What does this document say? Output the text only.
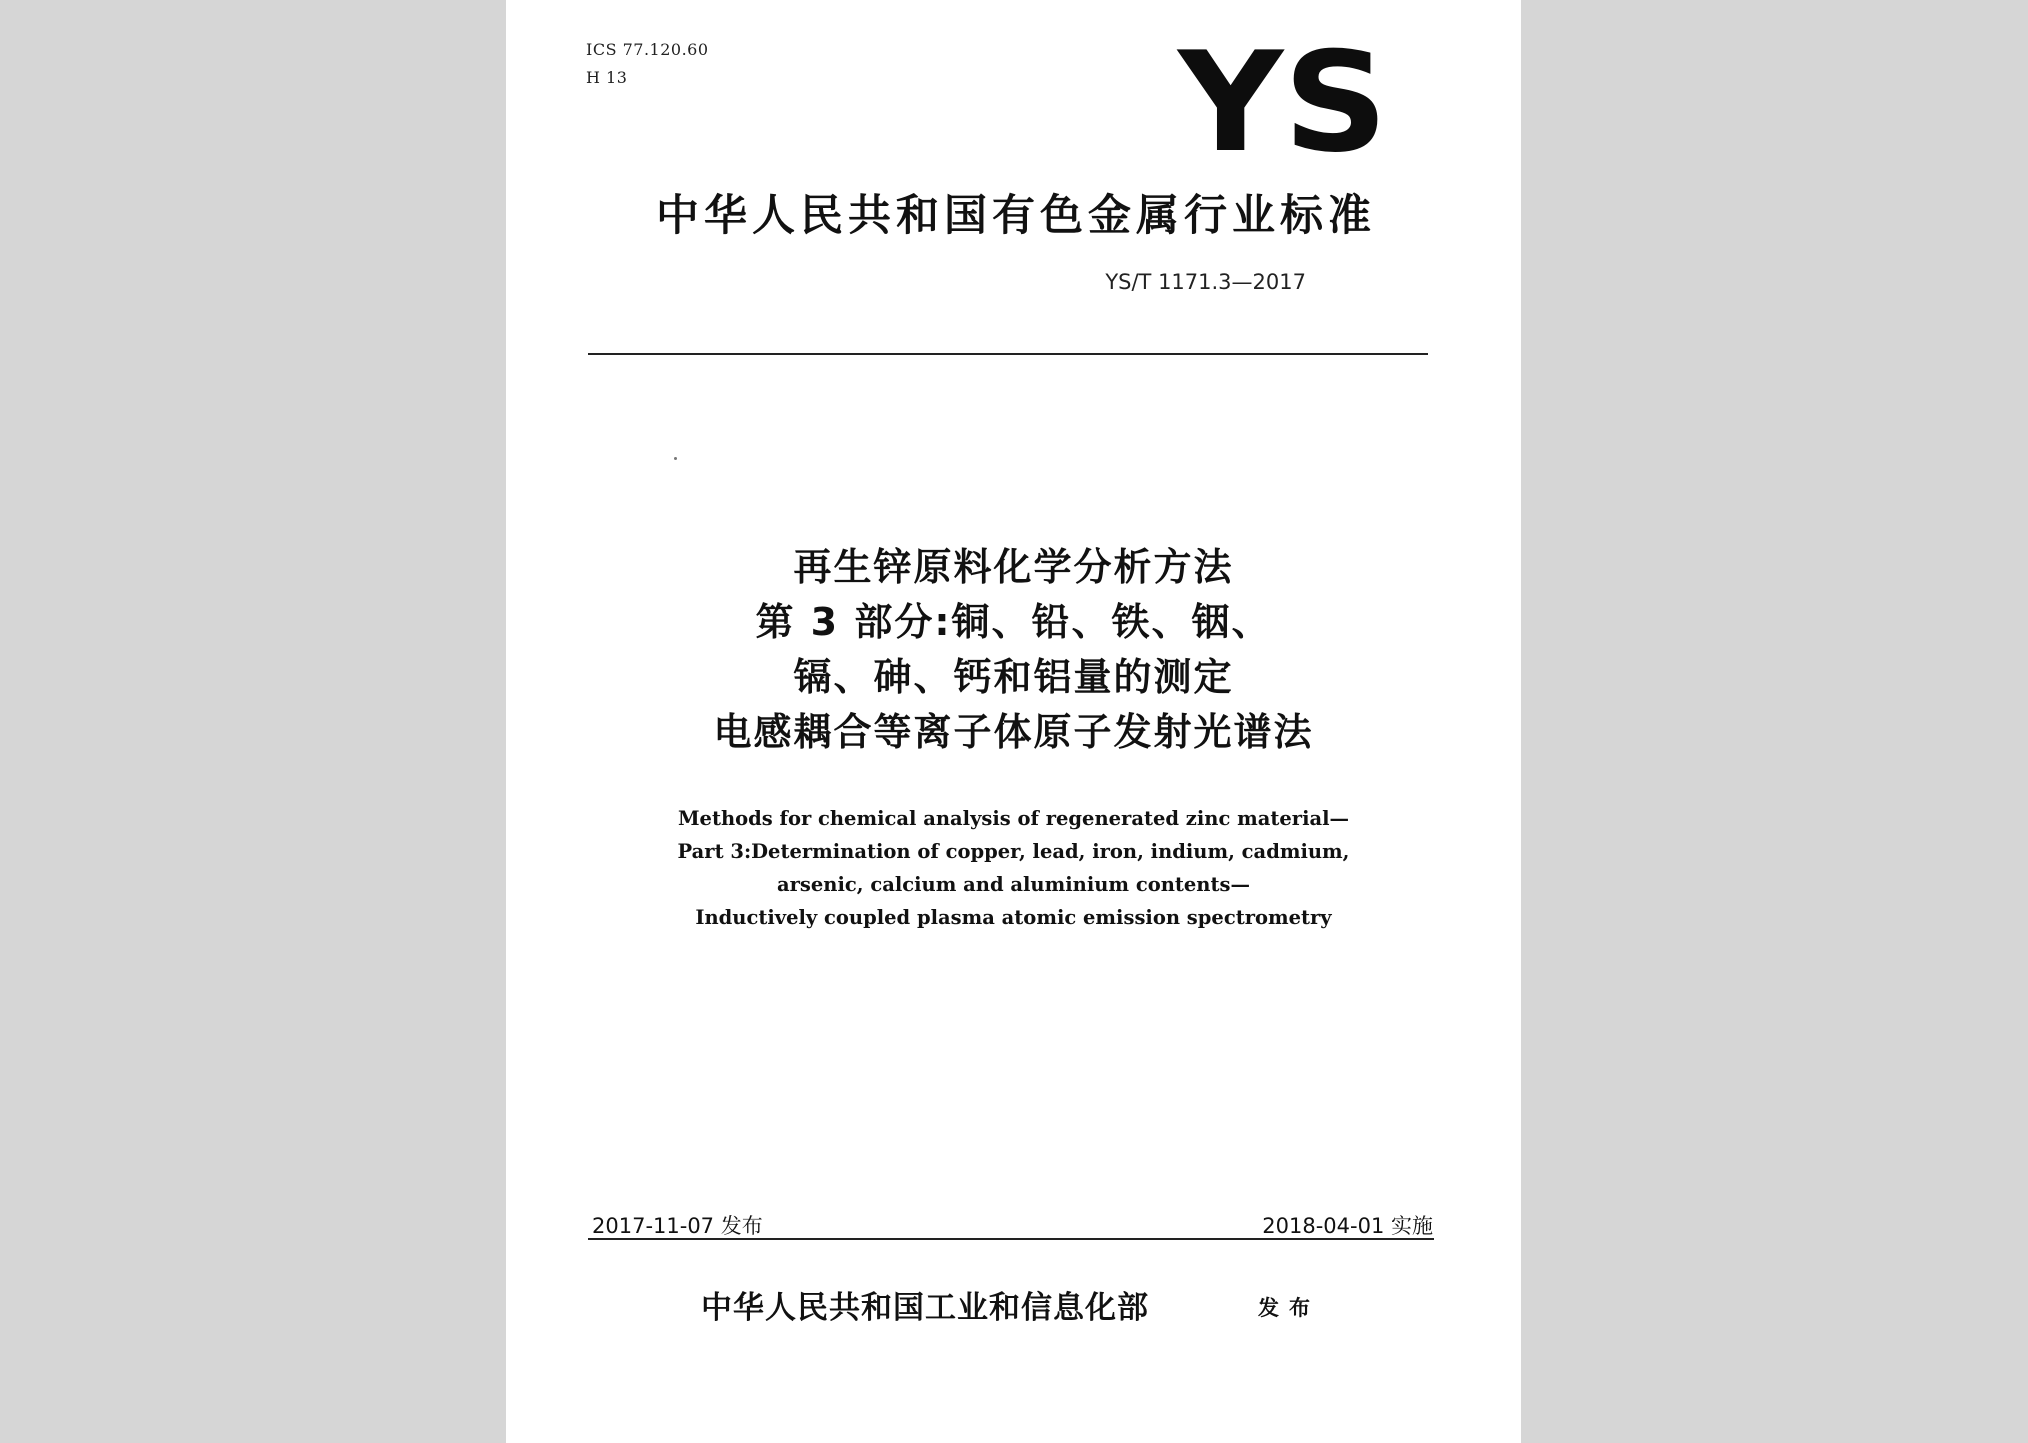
ICS 77.120.60
H 13	YS
中华人民共和国有色金属行业标准
YS/T 1171.3—2017
再生锌原料化学分析方法
第 3 部分:铜、铅、铁、铟、
镉、砷、钙和铝量的测定
电感耦合等离子体原子发射光谱法
Methods for chemical analysis of regenerated zinc material—
Part 3:Determination of copper, lead, iron, indium, cadmium,
arsenic, calcium and aluminium contents—
Inductively coupled plasma atomic emission spectrometry
2017-11-07 发布	2018-04-01 实施
中华人民共和国工业和信息化部	发布
